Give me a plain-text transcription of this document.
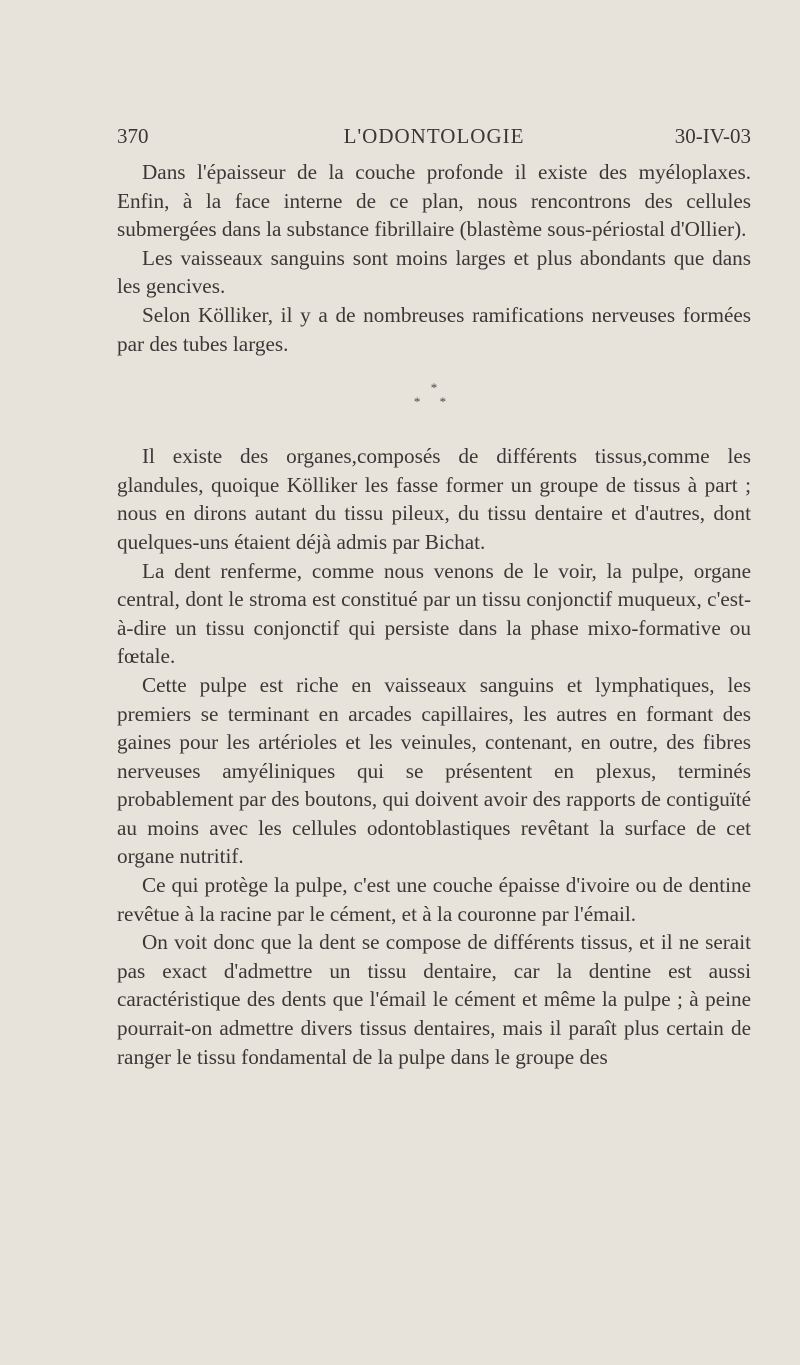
370	L'ODONTOLOGIE	30-IV-03

Dans l'épaisseur de la couche profonde il existe des myéloplaxes. Enfin, à la face interne de ce plan, nous rencontrons des cellules submergées dans la substance fibrillaire (blastème sous-périostal d'Ollier).

Les vaisseaux sanguins sont moins larges et plus abondants que dans les gencives.

Selon Kölliker, il y a de nombreuses ramifications nerveuses formées par des tubes larges.

*
* *

Il existe des organes,composés de différents tissus,comme les glandules, quoique Kölliker les fasse former un groupe de tissus à part ; nous en dirons autant du tissu pileux, du tissu dentaire et d'autres, dont quelques-uns étaient déjà admis par Bichat.

La dent renferme, comme nous venons de le voir, la pulpe, organe central, dont le stroma est constitué par un tissu conjonctif muqueux, c'est-à-dire un tissu conjonctif qui persiste dans la phase mixo-formative ou fœtale.

Cette pulpe est riche en vaisseaux sanguins et lymphatiques, les premiers se terminant en arcades capillaires, les autres en formant des gaines pour les artérioles et les veinules, contenant, en outre, des fibres nerveuses amyéliniques qui se présentent en plexus, terminés probablement par des boutons, qui doivent avoir des rapports de contiguïté au moins avec les cellules odontoblastiques revêtant la surface de cet organe nutritif.

Ce qui protège la pulpe, c'est une couche épaisse d'ivoire ou de dentine revêtue à la racine par le cément, et à la couronne par l'émail.

On voit donc que la dent se compose de différents tissus, et il ne serait pas exact d'admettre un tissu dentaire, car la dentine est aussi caractéristique des dents que l'émail le cément et même la pulpe ; à peine pourrait-on admettre divers tissus dentaires, mais il paraît plus certain de ranger le tissu fondamental de la pulpe dans le groupe des
